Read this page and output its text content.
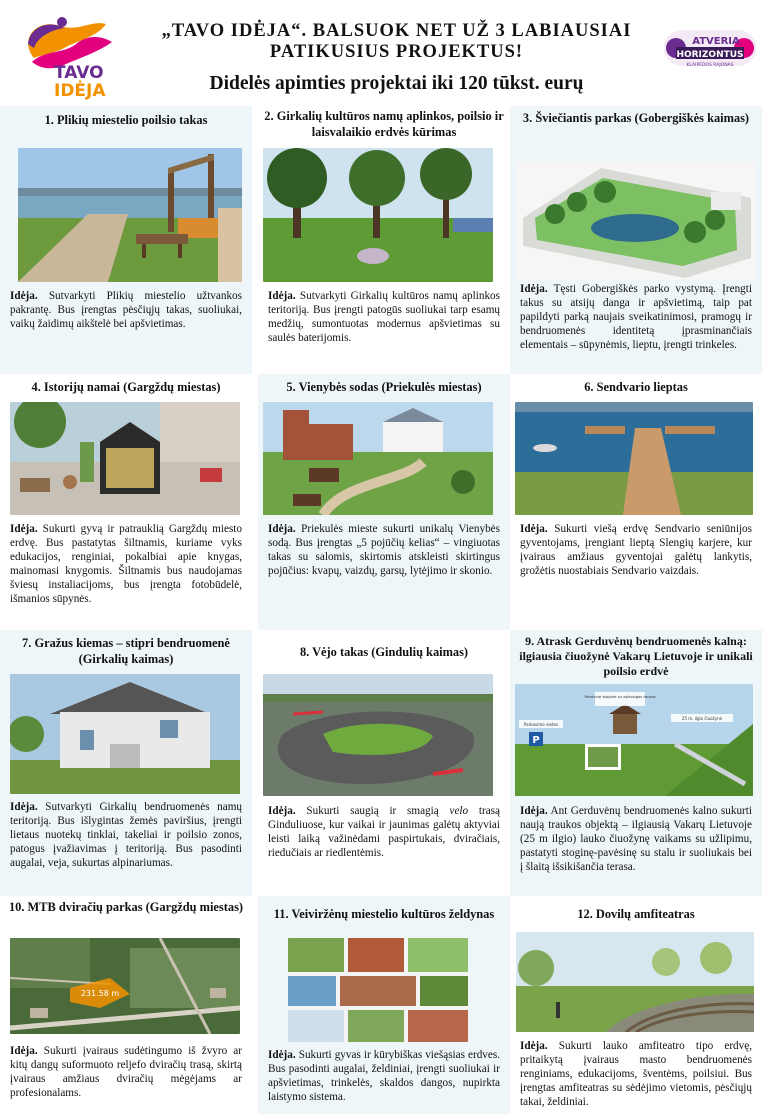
TAVO
IDĖJA
„TAVO IDĖJA“. BALSUOK NET UŽ 3 LABIAUSIAI PATIKUSIUS PROJEKTUS!
Didelės apimties projektai iki 120 tūkst. eurų
ATVERIA
HORIZONTUS
KLAIPĖDOS RAJONAS
1. Plikių miestelio poilsio takas

Idėja. Sutvarkyti Plikių miestelio užtvankos pakrantę. Bus įrengtas pėsčiųjų takas, suoliukai, vaikų žaidimų aikštelė bei apšvietimas.

2. Girkalių kultūros namų aplinkos, poilsio ir laisvalaikio erdvės kūrimas

Idėja. Sutvarkyti Girkalių kultūros namų aplinkos teritoriją. Bus įrengti patogūs suoliukai tarp esamų medžių, sumontuotas modernus apšvietimas su saulės baterijomis.

3. Šviečiantis parkas (Gobergiškės kaimas)

Idėja. Tęsti Gobergiškės parko vystymą. Įrengti takus su atsijų danga ir apšvietimą, taip pat papildyti parką naujais sveikatinimosi, pramogų ir bendruomenės identitetą įprasminančiais elementais – sūpynėmis, lieptu, įrengti trinkeles.

4. Istorijų namai (Gargždų miestas)

Idėja. Sukurti gyvą ir patrauklią Gargždų miesto erdvę. Bus pastatytas šiltnamis, kuriame vyks edukacijos, renginiai, pokalbiai apie knygas, mainomasi knygomis. Šiltnamis bus naudojamas šviesų instaliacijoms, bus įrengta fotobūdelė, išmanios sūpynės.

5. Vienybės sodas (Priekulės miestas)

Idėja. Priekulės mieste sukurti unikalų Vienybės sodą. Bus įrengtas „5 pojūčių kelias“ – vingiuotas takas su salomis, skirtomis atskleisti skirtingus pojūčius: kvapų, vaizdų, garsų, lytėjimo ir skonio.

6. Sendvario lieptas

Idėja. Sukurti viešą erdvę Sendvario seniūnijos gyventojams, įrengiant lieptą Slengių karjere, kur įvairaus amžiaus gyventojai galėtų lankytis, grožėtis nuostabiais Sendvario vaizdais.

7. Gražus kiemas – stipri bendruomenė (Girkalių kaimas)

Idėja. Sutvarkyti Girkalių bendruomenės namų teritoriją. Bus išlygintas žemės paviršius, įrengti lietaus nuotekų tinklai, takeliai ir poilsio zonos, patogus įvažiavimas į teritoriją. Bus pasodinti augalai, veja, sukurtas alpinariumas.

8. Vėjo takas (Gindulių kaimas)

Idėja. Sukurti saugią ir smagią velo trasą Ginduliuose, kur vaikai ir jaunimas galėtų aktyviai leisti laiką važinėdami paspirtukais, dviračiais, riedučiais ar riedlentėmis.

9. Atrask Gerduvėnų bendruomenės kalną: ilgiausia čiuožynė Vakarų Lietuvoje ir unikali poilsio erdvė
P
Pavėsinė stoginė su apžvalgos terasa
Parkavimo vietos
25 m. ilgio čiuožynė

Idėja. Ant Gerduvėnų bendruomenės kalno sukurti naują traukos objektą – ilgiausią Vakarų Lietuvoje (25 m ilgio) lauko čiuožynę vaikams su užlipimu, pastatyti stoginę-pavėsinę su stalu ir suoliukais bei į šlaitą išsikišančia terasa.

10. MTB dviračių parkas (Gargždų miestas)
231.58 m

Idėja. Sukurti įvairaus sudėtingumo iš žvyro ar kitų dangų suformuoto reljefo dviračių trasą, skirtą įvairaus amžiaus dviračių mėgėjams ar profesionalams.

11. Veiviržėnų miestelio kultūros želdynas

Idėja. Sukurti gyvas ir kūrybiškas viešąsias erdves. Bus pasodinti augalai, želdiniai, įrengti suoliukai ir apšvietimas, trinkelės, skaldos dangos, nupirkta laistymo sistema.

12. Dovilų amfiteatras

Idėja. Sukurti lauko amfiteatro tipo erdvę, pritaikytą įvairaus masto bendruomenės renginiams, edukacijoms, šventėms, poilsiui. Bus įrengtas amfiteatras su sėdėjimo vietomis, pėsčiųjų takai, želdiniai.
